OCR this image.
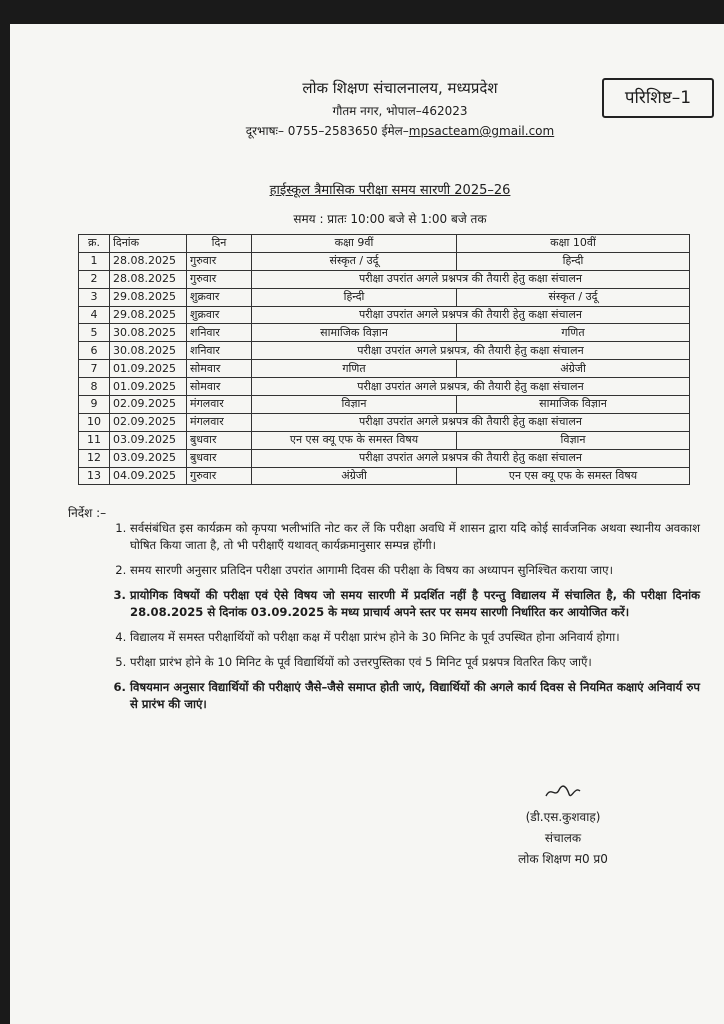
परिशिष्ट–1
लोक शिक्षण संचालनालय, मध्यप्रदेश
गौतम नगर, भोपाल–462023
दूरभाषः– 0755–2583650 ईमेल–mpsacteam@gmail.com
हाईस्कूल त्रैमासिक परीक्षा समय सारणी 2025–26
समय : प्रातः 10:00 बजे से 1:00 बजे तक
क्र.	दिनांक	दिन	कक्षा 9वीं	कक्षा 10वीं
1	28.08.2025	गुरुवार	संस्कृत / उर्दू	हिन्दी
2	28.08.2025	गुरुवार	परीक्षा उपरांत अगले प्रश्नपत्र की तैयारी हेतु कक्षा संचालन	
3	29.08.2025	शुक्रवार	हिन्दी	संस्कृत / उर्दू
4	29.08.2025	शुक्रवार	परीक्षा उपरांत अगले प्रश्नपत्र की तैयारी हेतु कक्षा संचालन	
5	30.08.2025	शनिवार	सामाजिक विज्ञान	गणित
6	30.08.2025	शनिवार	परीक्षा उपरांत अगले प्रश्नपत्र, की तैयारी हेतु कक्षा संचालन	
7	01.09.2025	सोमवार	गणित	अंग्रेजी
8	01.09.2025	सोमवार	परीक्षा उपरांत अगले प्रश्नपत्र, की तैयारी हेतु कक्षा संचालन	
9	02.09.2025	मंगलवार	विज्ञान	सामाजिक विज्ञान
10	02.09.2025	मंगलवार	परीक्षा उपरांत अगले प्रश्नपत्र की तैयारी हेतु कक्षा संचालन	
11	03.09.2025	बुधवार	एन एस क्यू एफ के समस्त विषय	विज्ञान
12	03.09.2025	बुधवार	परीक्षा उपरांत अगले प्रश्नपत्र की तैयारी हेतु कक्षा संचालन	
13	04.09.2025	गुरुवार	अंग्रेजी	एन एस क्यू एफ के समस्त विषय
निर्देश :–
1. सर्वसंबंधित इस कार्यक्रम को कृपया भलीभांति नोट कर लें कि परीक्षा अवधि में शासन द्वारा यदि कोई सार्वजनिक अथवा स्थानीय अवकाश घोषित किया जाता है, तो भी परीक्षाएँ यथावत् कार्यक्रमानुसार सम्पन्न होंगी।
2. समय सारणी अनुसार प्रतिदिन परीक्षा उपरांत आगामी दिवस की परीक्षा के विषय का अध्यापन सुनिश्चित कराया जाए।
3. प्रायोगिक विषयों की परीक्षा एवं ऐसे विषय जो समय सारणी में प्रदर्शित नहीं है परन्तु विद्यालय में संचालित है, की परीक्षा दिनांक 28.08.2025 से दिनांक 03.09.2025 के मध्य प्राचार्य अपने स्तर पर समय सारणी निर्धारित कर आयोजित करें।
4. विद्यालय में समस्त परीक्षार्थियों को परीक्षा कक्ष में परीक्षा प्रारंभ होने के 30 मिनिट के पूर्व उपस्थित होना अनिवार्य होगा।
5. परीक्षा प्रारंभ होने के 10 मिनिट के पूर्व विद्यार्थियों को उत्तरपुस्तिका एवं 5 मिनिट पूर्व प्रश्नपत्र वितरित किए जाएँ।
6. विषयमान अनुसार विद्यार्थियों की परीक्षाएं जैसे–जैसे समाप्त होती जाएं, विद्यार्थियों की अगले कार्य दिवस से नियमित कक्षाएं अनिवार्य रुप से प्रारंभ की जाएं।
(डी.एस.कुशवाह)
संचालक
लोक शिक्षण म0 प्र0
